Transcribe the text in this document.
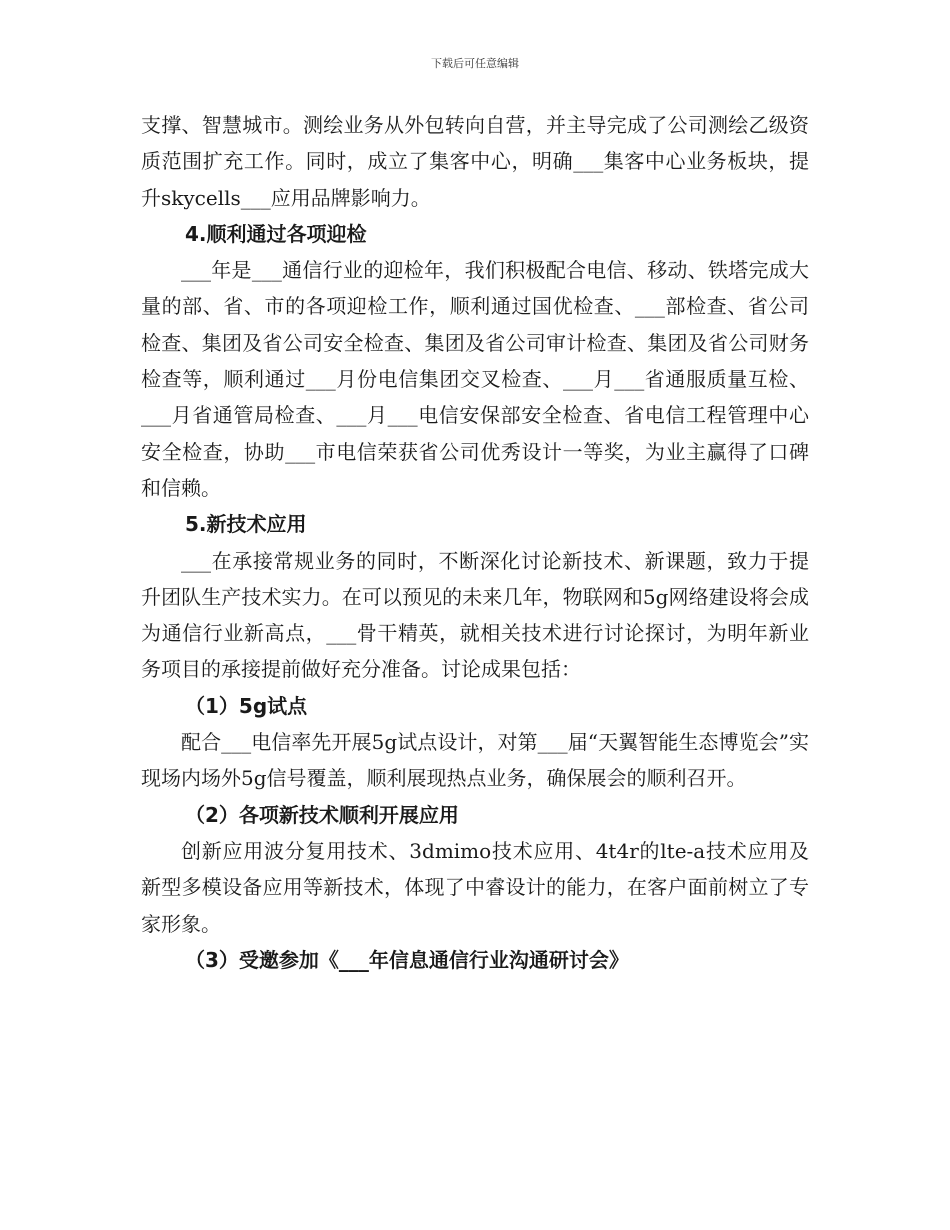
下载后可任意编辑

支撑、智慧城市。测绘业务从外包转向自营，并主导完成了公司测绘乙级资质范围扩充工作。同时，成立了集客中心，明确___集客中心业务板块，提升skycells___应用品牌影响力。

4.顺利通过各项迎检

___年是___通信行业的迎检年，我们积极配合电信、移动、铁塔完成大量的部、省、市的各项迎检工作，顺利通过国优检查、___部检查、省公司检查、集团及省公司安全检查、集团及省公司审计检查、集团及省公司财务检查等，顺利通过___月份电信集团交叉检查、___月___省通服质量互检、___月省通管局检查、___月___电信安保部安全检查、省电信工程管理中心安全检查，协助___市电信荣获省公司优秀设计一等奖，为业主赢得了口碑和信赖。

5.新技术应用

___在承接常规业务的同时，不断深化讨论新技术、新课题，致力于提升团队生产技术实力。在可以预见的未来几年，物联网和5g网络建设将会成为通信行业新高点，___骨干精英，就相关技术进行讨论探讨，为明年新业务项目的承接提前做好充分准备。讨论成果包括：

（1）5g试点

配合___电信率先开展5g试点设计，对第___届“天翼智能生态博览会”实现场内场外5g信号覆盖，顺利展现热点业务，确保展会的顺利召开。

（2）各项新技术顺利开展应用

创新应用波分复用技术、3dmimo技术应用、4t4r的lte-a技术应用及新型多模设备应用等新技术，体现了中睿设计的能力，在客户面前树立了专家形象。

（3）受邀参加《___年信息通信行业沟通研讨会》
